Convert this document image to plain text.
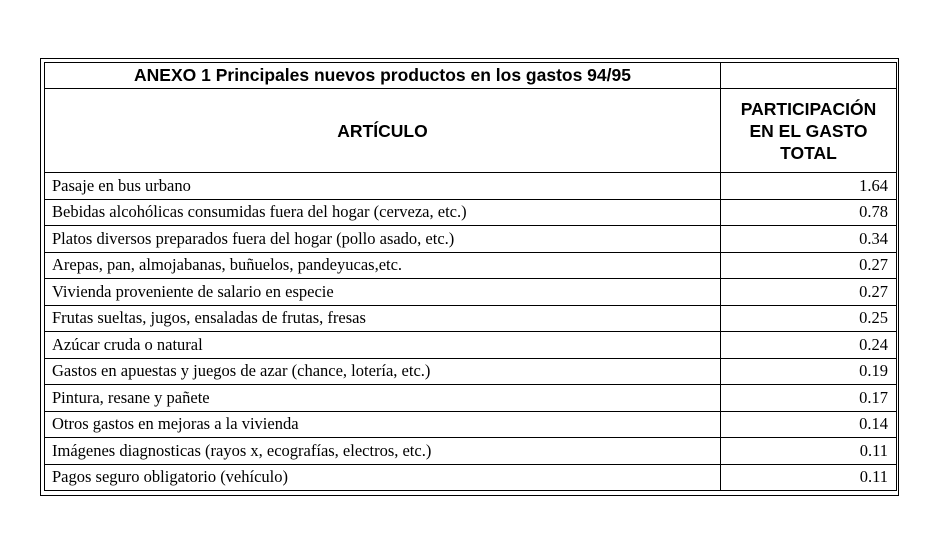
ANEXO 1 Principales nuevos productos en los gastos 94/95	
ARTÍCULO	PARTICIPACIÓN
EN EL GASTO
TOTAL
Pasaje en bus urbano	1.64
Bebidas alcohólicas consumidas fuera del hogar (cerveza, etc.)	0.78
Platos diversos preparados fuera del hogar (pollo asado, etc.)	0.34
Arepas, pan, almojabanas, buñuelos, pandeyucas,etc.	0.27
Vivienda proveniente de salario en especie	0.27
Frutas sueltas, jugos, ensaladas de frutas, fresas	0.25
Azúcar cruda o natural	0.24
Gastos en apuestas y juegos de azar (chance, lotería, etc.)	0.19
Pintura, resane y pañete	0.17
Otros gastos en mejoras a la vivienda	0.14
Imágenes diagnosticas (rayos x, ecografías, electros, etc.)	0.11
Pagos seguro obligatorio (vehículo)	0.11
